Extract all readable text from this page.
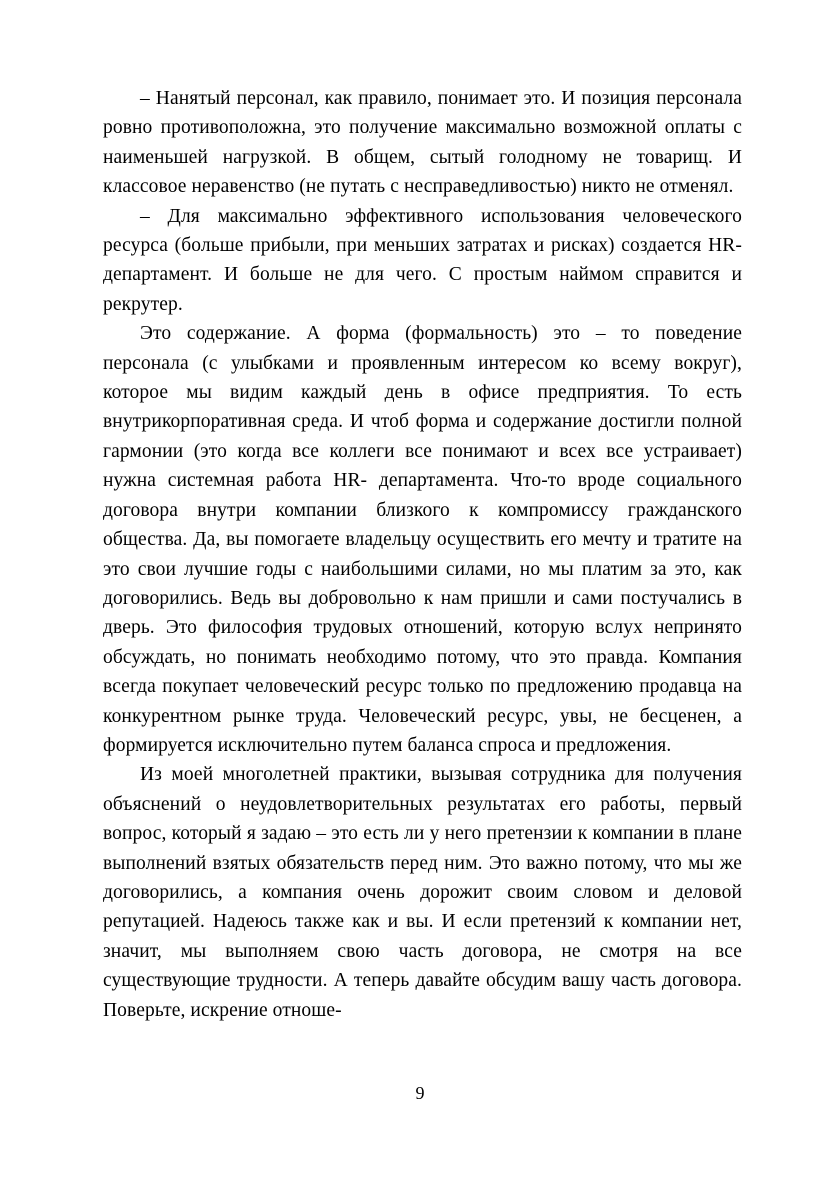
– Нанятый персонал, как правило, понимает это. И позиция персонала ровно противоположна, это получение максимально возможной оплаты с наименьшей нагрузкой. В общем, сытый голодному не товарищ. И классовое неравенство (не путать с несправедливостью) никто не отменял.

– Для максимально эффективного использования человеческого ресурса (больше прибыли, при меньших затратах и рисках) создается HR- департамент. И больше не для чего. С простым наймом справится и рекрутер.

Это содержание. А форма (формальность) это – то поведение персонала (с улыбками и проявленным интересом ко всему вокруг), которое мы видим каждый день в офисе предприятия. То есть внутрикорпоративная среда. И чтоб форма и содержание достигли полной гармонии (это когда все коллеги все понимают и всех все устраивает) нужна системная работа HR- департамента. Что-то вроде социального договора внутри компании близкого к компромиссу гражданского общества. Да, вы помогаете владельцу осуществить его мечту и тратите на это свои лучшие годы с наибольшими силами, но мы платим за это, как договорились. Ведь вы добровольно к нам пришли и сами постучались в дверь. Это философия трудовых отношений, которую вслух непринято обсуждать, но понимать необходимо потому, что это правда. Компания всегда покупает человеческий ресурс только по предложению продавца на конкурентном рынке труда. Человеческий ресурс, увы, не бесценен, а формируется исключительно путем баланса спроса и предложения.

Из моей многолетней практики, вызывая сотрудника для получения объяснений о неудовлетворительных результатах его работы, первый вопрос, который я задаю – это есть ли у него претензии к компании в плане выполнений взятых обязательств перед ним. Это важно потому, что мы же договорились, а компания очень дорожит своим словом и деловой репутацией. Надеюсь также как и вы. И если претензий к компании нет, значит, мы выполняем свою часть договора, не смотря на все существующие трудности. А теперь давайте обсудим вашу часть договора. Поверьте, искрение отноше-

9
